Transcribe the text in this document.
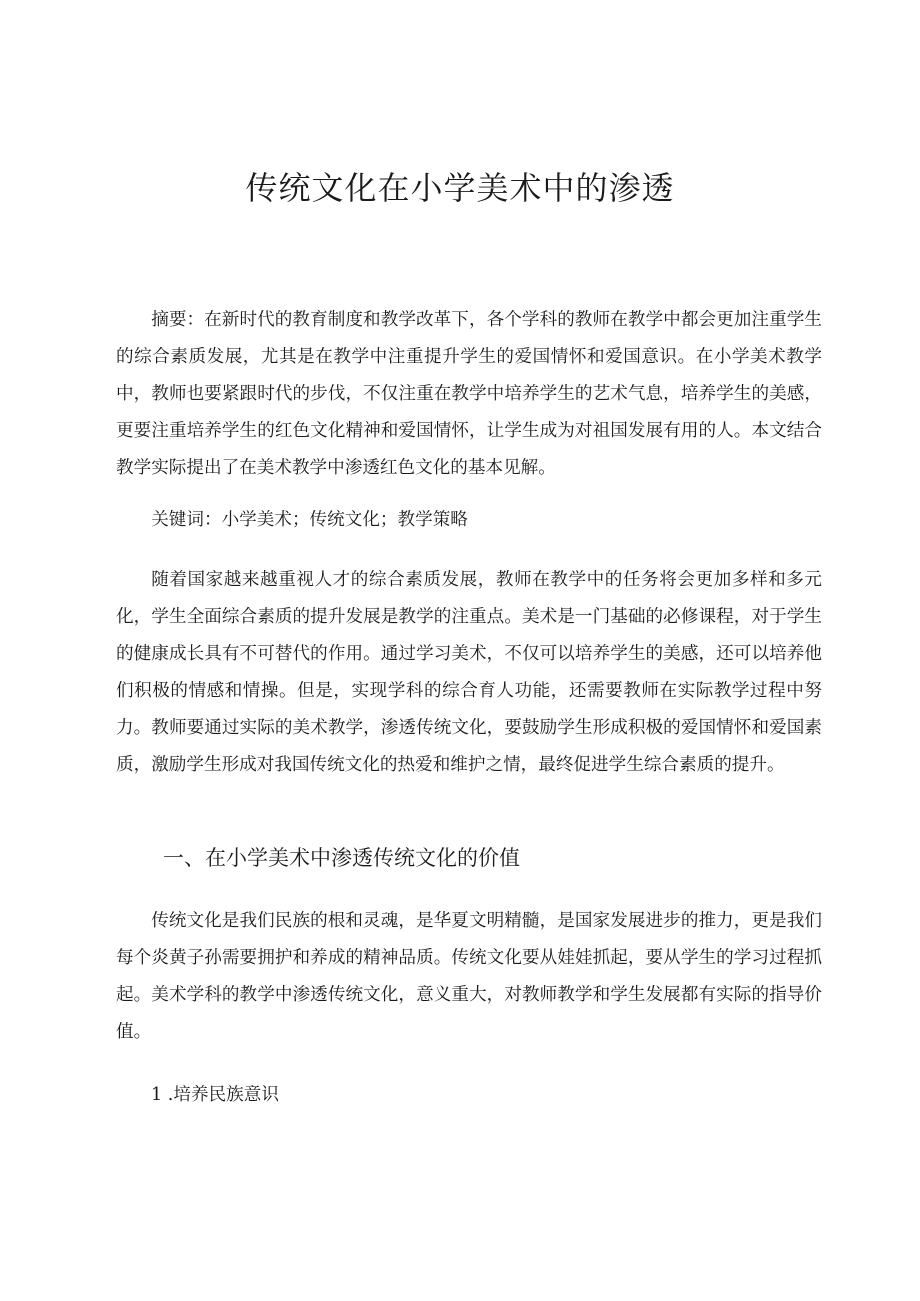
传统文化在小学美术中的渗透

摘要：在新时代的教育制度和教学改革下，各个学科的教师在教学中都会更加注重学生的综合素质发展，尤其是在教学中注重提升学生的爱国情怀和爱国意识。在小学美术教学中，教师也要紧跟时代的步伐，不仅注重在教学中培养学生的艺术气息，培养学生的美感，更要注重培养学生的红色文化精神和爱国情怀，让学生成为对祖国发展有用的人。本文结合教学实际提出了在美术教学中渗透红色文化的基本见解。

关键词：小学美术；传统文化；教学策略

随着国家越来越重视人才的综合素质发展，教师在教学中的任务将会更加多样和多元化，学生全面综合素质的提升发展是教学的注重点。美术是一门基础的必修课程，对于学生的健康成长具有不可替代的作用。通过学习美术，不仅可以培养学生的美感，还可以培养他们积极的情感和情操。但是，实现学科的综合育人功能，还需要教师在实际教学过程中努力。教师要通过实际的美术教学，渗透传统文化，要鼓励学生形成积极的爱国情怀和爱国素质，激励学生形成对我国传统文化的热爱和维护之情，最终促进学生综合素质的提升。

一、在小学美术中渗透传统文化的价值

传统文化是我们民族的根和灵魂，是华夏文明精髓，是国家发展进步的推力，更是我们每个炎黄子孙需要拥护和养成的精神品质。传统文化要从娃娃抓起，要从学生的学习过程抓起。美术学科的教学中渗透传统文化，意义重大，对教师教学和学生发展都有实际的指导价值。

1 .培养民族意识
